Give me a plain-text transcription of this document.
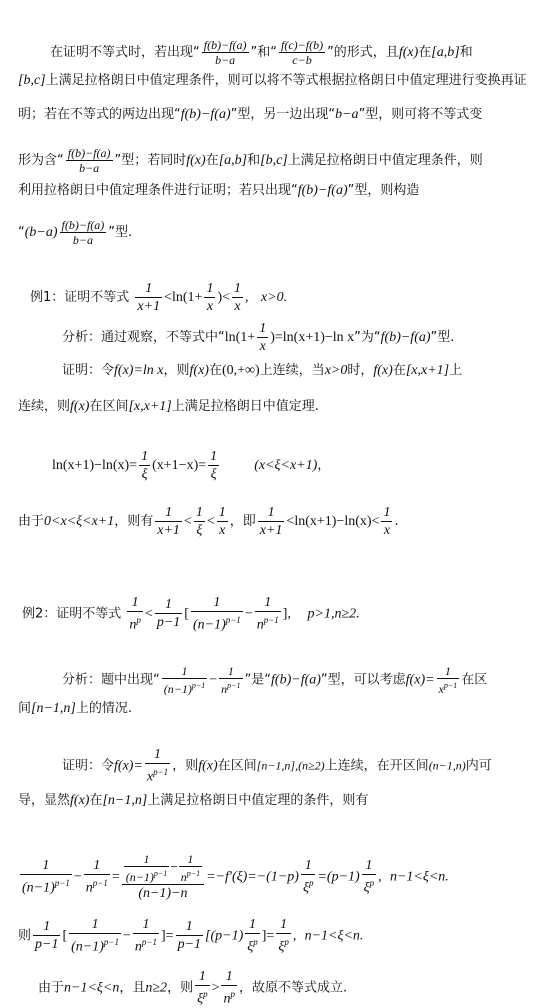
在证明不等式时，若出现“ $\frac{f(b)-f(a)}{b-a}$ ”和“ $\frac{f(c)-f(b)}{c-b}$ ”的形式，且f(x)在[a,b]和
[b,c]上满足拉格朗日中值定理条件，则可以将不等式根据拉格朗日中值定理进行变换再证
明；若在不等式的两边出现“f(b)−f(a)”型，另一边出现“b−a”型，则可将不等式变
形为含“ $\frac{f(b)-f(a)}{b-a}$ ”型；若同时f(x)在[a,b]和[b,c]上满足拉格朗日中值定理条件，则
利用拉格朗日中值定理条件进行证明；若只出现“f(b)−f(a)”型，则构造
“$(b-a) \frac{f(b)-f(a)}{b-a}$ ”型.
例1：证明不等式 $\frac{1}{x+1} <\ln(1+ \frac{1}{x}$ )< $\frac{1}{x}$ , x>0.
分析：通过观察，不等式中“$\ln(1+ \frac{1}{x} )=\ln(x+1)-\ln$ x”为“f(b)−f(a)”型.
证明：令f(x)=ln x，则f(x)在(0,+∞)上连续，当x>0时，f(x)在[x,x+1]上
连续，则f(x)在区间[x,x+1]上满足拉格朗日中值定理.
$\ln(x+1)-\ln(x)= \frac{1}{\xi} (x+1-x)= \frac{1}{\xi}$	(x<ξ<x+1)，
由于0<x<ξ<x+1，则有 $\frac{1}{x+1} < \frac{1}{\xi} < \frac{1}{x}$ ，即 $\frac{1}{x+1} <\ln(x+1)-\ln(x)< \frac{1}{x}$ .
例2：证明不等式 $\frac{1}{n^p} < \frac{1}{p-1}$ [ $\frac{1}{(n-1)^{p-1}} - \frac{1}{n^{p-1}}$ ], p>1,n≥2.
分析：题中出现“ $\frac{1}{(n-1)^{p-1}} - \frac{1}{n^{p-1}}$ ”是“f(b)−f(a)”型，可以考虑$f(x)= \frac{1}{x^{p-1}}$ 在区
间[n−1,n]上的情况.
证明：令$f(x)= \frac{1}{x^{p-1}}$ ，则f(x)在区间[n−1,n],(n≥2)上连续，在开区间(n−1,n)内可
导，显然f(x)在[n−1,n]上满足拉格朗日中值定理的条件，则有
$\frac{1}{(n-1)^{p-1}} - \frac{1}{n^{p-1}} = \frac{\frac{1}{(n-1)^{p-1}} - \frac{1}{n^{p-1}}}{(n-1)-n} =-f'(\xi)=-(1-p) \frac{1}{\xi^p} =(p-1) \frac{1}{\xi^p}$ , n−1<ξ<n.
则 $\frac{1}{p-1}$ [ $\frac{1}{(n-1)^{p-1}} - \frac{1}{n^{p-1}}$ ]= $\frac{1}{p-1} [(p-1) \frac{1}{\xi^p}$ ]= $\frac{1}{\xi^p}$ , n−1<ξ<n.
由于n−1<ξ<n，且n≥2，则 $\frac{1}{\xi^p} > \frac{1}{n^p}$ ，故原不等式成立.
